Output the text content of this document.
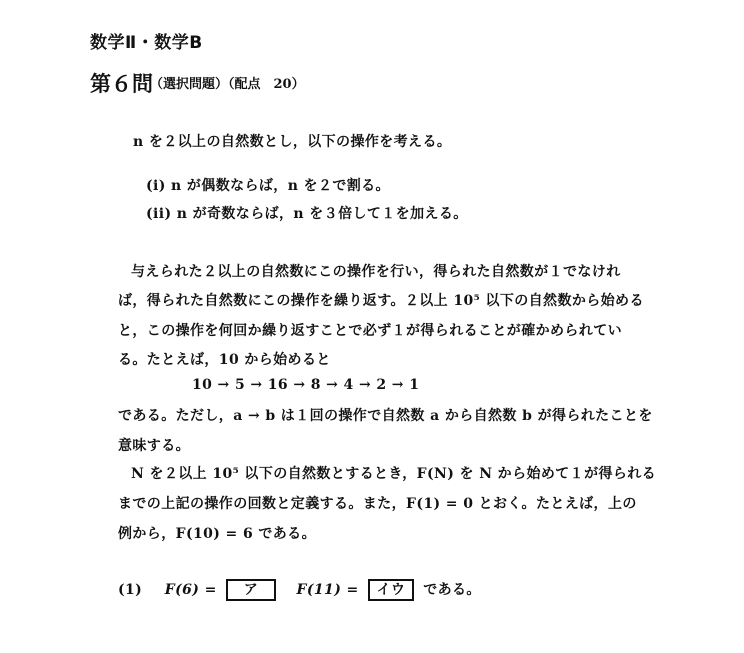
数学Ⅱ・数学B
第６問
（選択問題）（配点　20）
n を２以上の自然数とし，以下の操作を考える。
(i) n が偶数ならば，n を２で割る。
(ii) n が奇数ならば，n を３倍して１を加える。
与えられた２以上の自然数にこの操作を行い，得られた自然数が１でなけれ
ば，得られた自然数にこの操作を繰り返す。２以上 10⁵ 以下の自然数から始める
と，この操作を何回か繰り返すことで必ず１が得られることが確かめられてい
る。たとえば，10 から始めると
10 → 5 → 16 → 8 → 4 → 2 → 1
である。ただし，a → b は１回の操作で自然数 a から自然数 b が得られたことを
意味する。
N を２以上 10⁵ 以下の自然数とするとき，F(N) を N から始めて１が得られる
までの上記の操作の回数と定義する。また，F(1) = 0 とおく。たとえば，上の
例から，F(10) = 6 である。
(1) F(6) = ア	F(11) = イウ である。
